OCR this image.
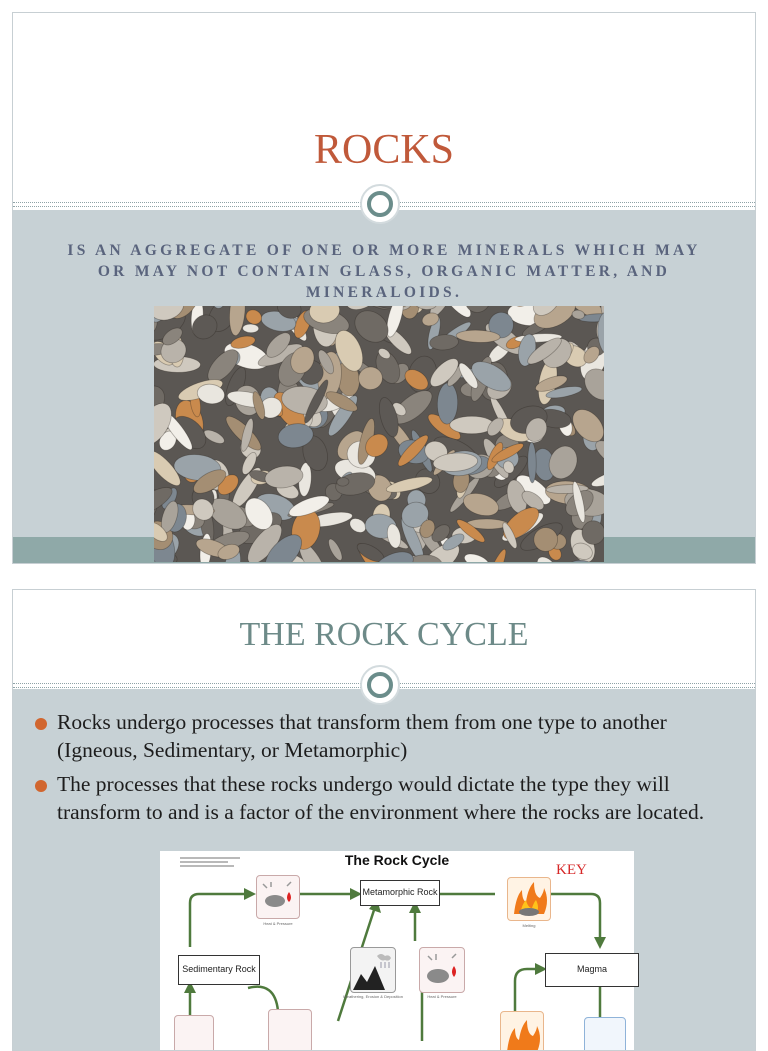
ROCKS
IS AN AGGREGATE OF ONE OR MORE MINERALS WHICH MAY OR MAY NOT CONTAIN GLASS, ORGANIC MATTER, AND MINERALOIDS.
THE ROCK CYCLE
Rocks undergo processes that transform them from one type to another (Igneous, Sedimentary, or Metamorphic)
The processes that these rocks undergo would dictate the type they will transform to and is a factor of the environment where the rocks are located.
The Rock Cycle
KEY
Metamorphic Rock
Sedimentary Rock	Magma
Heat & Pressure	Melting
Weathering, Erosion & Deposition	Heat & Pressure
